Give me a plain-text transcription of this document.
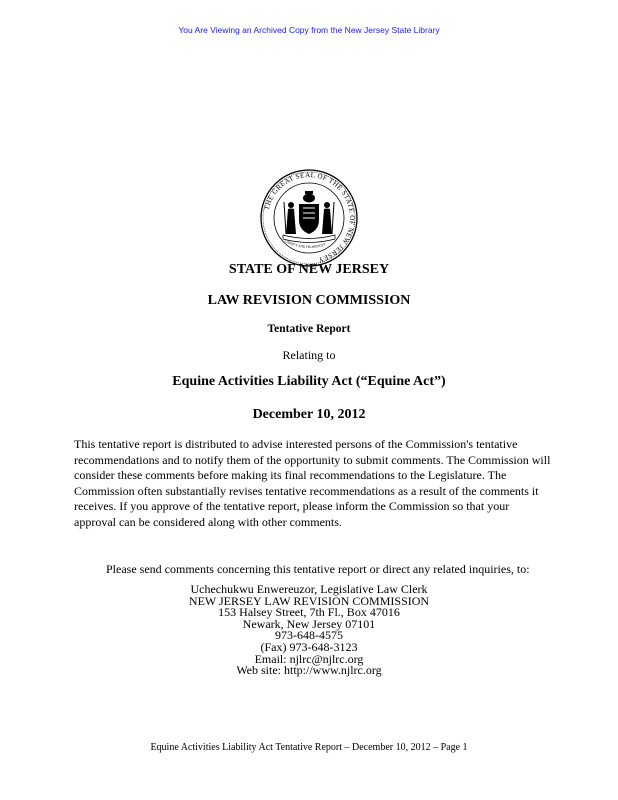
You Are Viewing an Archived Copy from the New Jersey State Library
THE GREAT SEAL OF THE STATE OF NEW JERSEY
LIBERTY AND PROSPERITY
STATE OF NEW JERSEY
LAW REVISION COMMISSION
Tentative Report
Relating to
Equine Activities Liability Act (“Equine Act”)
December 10, 2012

This tentative report is distributed to advise interested persons of the Commission's tentative recommendations and to notify them of the opportunity to submit comments. The Commission will consider these comments before making its final recommendations to the Legislature. The Commission often substantially revises tentative recommendations as a result of the comments it receives. If you approve of the tentative report, please inform the Commission so that your approval can be considered along with other comments.

Please send comments concerning this tentative report or direct any related inquiries, to:
Uchechukwu Enwereuzor, Legislative Law Clerk
NEW JERSEY LAW REVISION COMMISSION
153 Halsey Street, 7th Fl., Box 47016
Newark, New Jersey 07101
973-648-4575
(Fax) 973-648-3123
Email: njlrc@njlrc.org
Web site: http://www.njlrc.org
Equine Activities Liability Act Tentative Report – December 10, 2012 – Page 1
